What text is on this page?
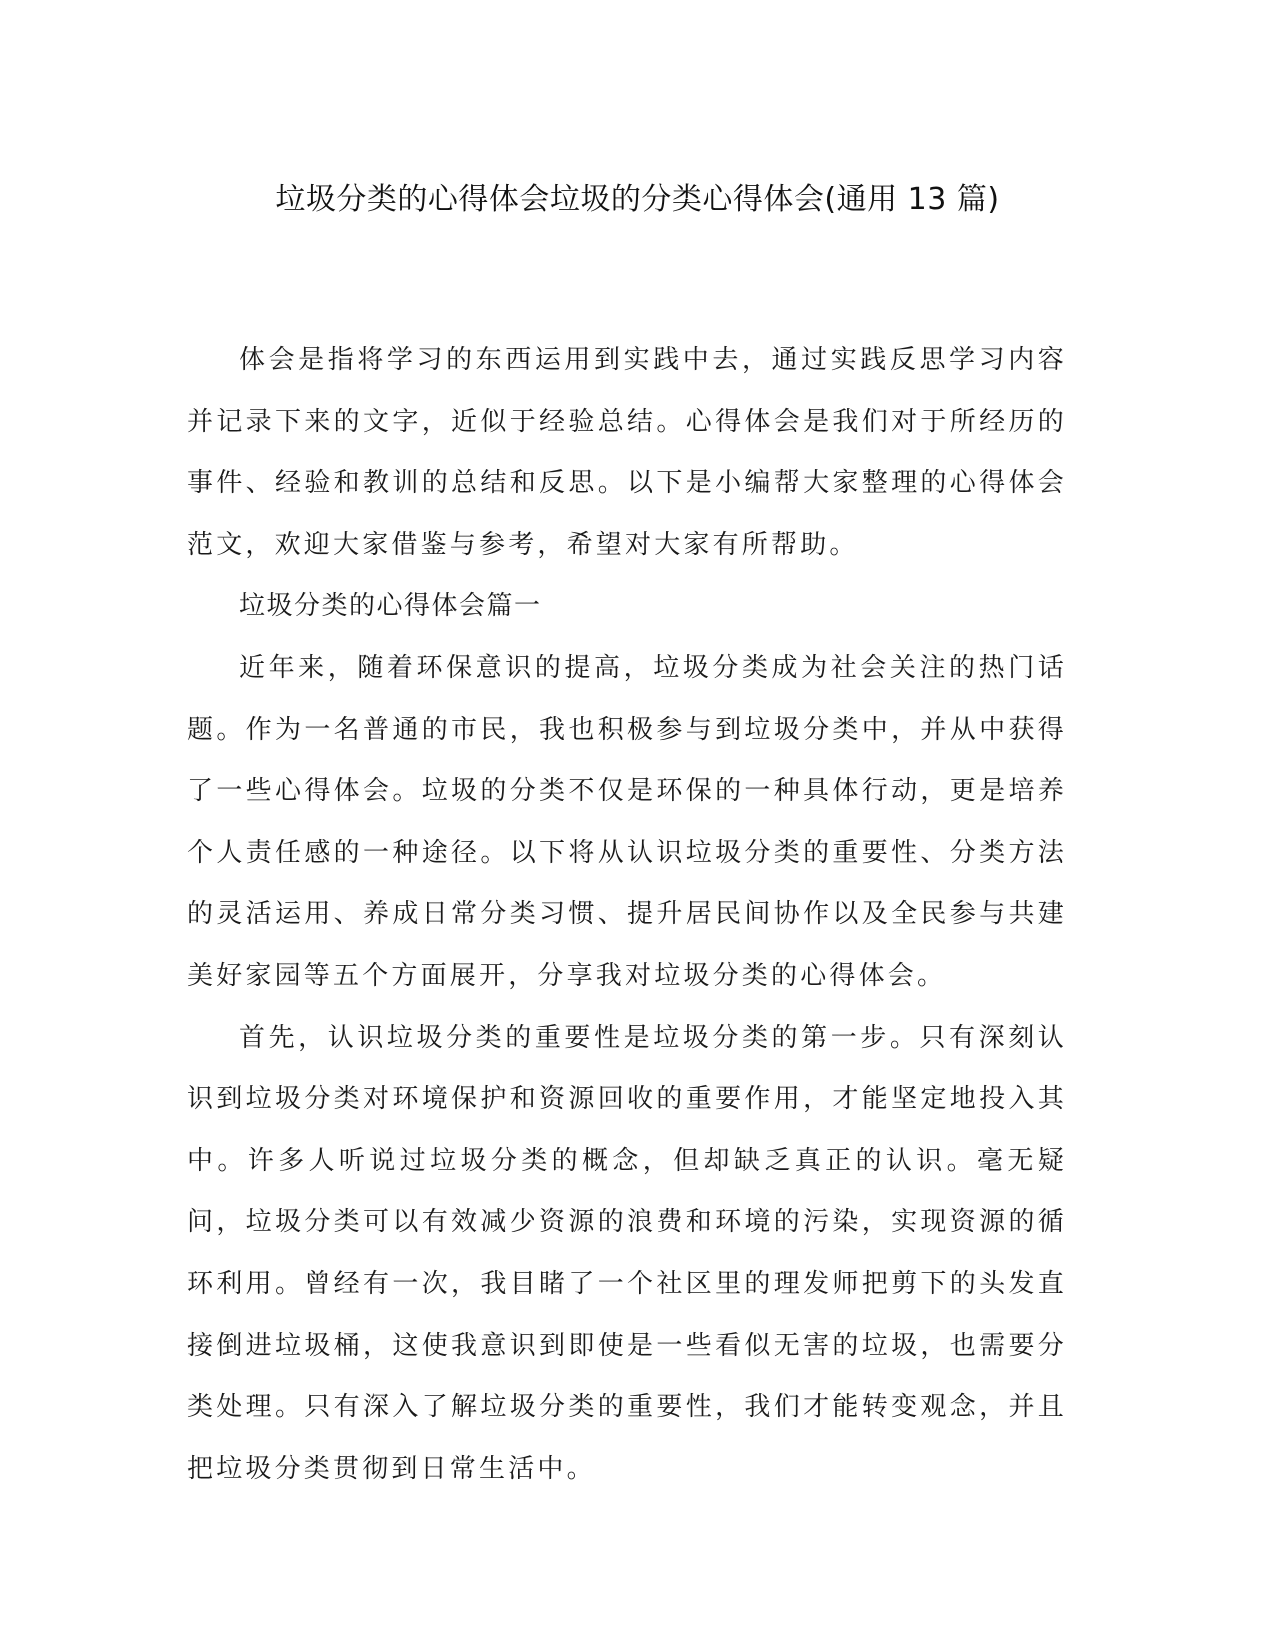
垃圾分类的心得体会垃圾的分类心得体会(通用 13 篇)

体会是指将学习的东西运用到实践中去，通过实践反思学习内容并记录下来的文字，近似于经验总结。心得体会是我们对于所经历的事件、经验和教训的总结和反思。以下是小编帮大家整理的心得体会范文，欢迎大家借鉴与参考，希望对大家有所帮助。

垃圾分类的心得体会篇一

近年来，随着环保意识的提高，垃圾分类成为社会关注的热门话题。作为一名普通的市民，我也积极参与到垃圾分类中，并从中获得了一些心得体会。垃圾的分类不仅是环保的一种具体行动，更是培养个人责任感的一种途径。以下将从认识垃圾分类的重要性、分类方法的灵活运用、养成日常分类习惯、提升居民间协作以及全民参与共建美好家园等五个方面展开，分享我对垃圾分类的心得体会。

首先，认识垃圾分类的重要性是垃圾分类的第一步。只有深刻认识到垃圾分类对环境保护和资源回收的重要作用，才能坚定地投入其中。许多人听说过垃圾分类的概念，但却缺乏真正的认识。毫无疑问，垃圾分类可以有效减少资源的浪费和环境的污染，实现资源的循环利用。曾经有一次，我目睹了一个社区里的理发师把剪下的头发直接倒进垃圾桶，这使我意识到即使是一些看似无害的垃圾，也需要分类处理。只有深入了解垃圾分类的重要性，我们才能转变观念，并且把垃圾分类贯彻到日常生活中。
